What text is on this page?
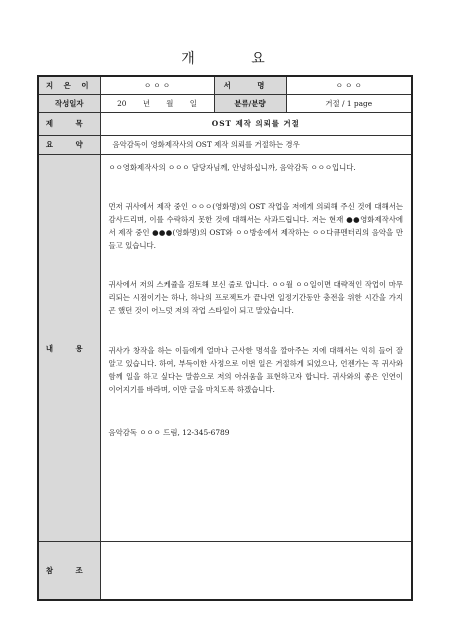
개 요
지 은 이	ㅇ ㅇ ㅇ	서 명	ㅇ ㅇ ㅇ
작성일자	20 년 월 일	분류/분량	거절 / 1 page
제 목	OST 제작 의뢰를 거절		
요 약	음악감독이 영화제작사의 OST 제작 의뢰를 거절하는 경우		
내 용	ㅇㅇ영화제작사의 ㅇㅇㅇ 담당자님께, 안녕하십니까, 음악감독 ㅇㅇㅇ입니다.

먼저 귀사에서 제작 중인 ㅇㅇㅇ(영화명)의 OST 작업을 저에게 의뢰해 주신 것에 대해서는 감사드리며, 이를 수락하지 못한 것에 대해서는 사과드립니다. 저는 현재 ●●영화제작사에서 제작 중인 ●●●(영화명)의 OST와 ㅇㅇ방송에서 제작하는 ㅇㅇ다큐멘터리의 음악을 만들고 있습니다.

귀사에서 저의 스케쥴을 검토해 보신 줄로 압니다. ㅇㅇ월 ㅇㅇ일이면 대략적인 작업이 마무리되는 시점이기는 하나, 하나의 프로젝트가 끝나면 일정기간동안 충전을 위한 시간을 가지곤 했던 것이 어느덧 저의 작업 스타일이 되고 말았습니다.

귀사가 창작을 하는 이들에게 얼마나 근사한 명석을 깔아주는 지에 대해서는 익히 들어 잘 알고 있습니다. 하여, 부득이한 사정으로 이번 일은 거절하게 되었으나, 언젠가는 꼭 귀사와 함께 일을 하고 싶다는 말씀으로 저의 아쉬움을 표현하고자 합니다. 귀사와의 좋은 인연이 이어지기를 바라며, 이만 글을 마치도록 하겠습니다.

음악감독 ㅇㅇㅇ 드림, 12-345-6789		

참 조			
